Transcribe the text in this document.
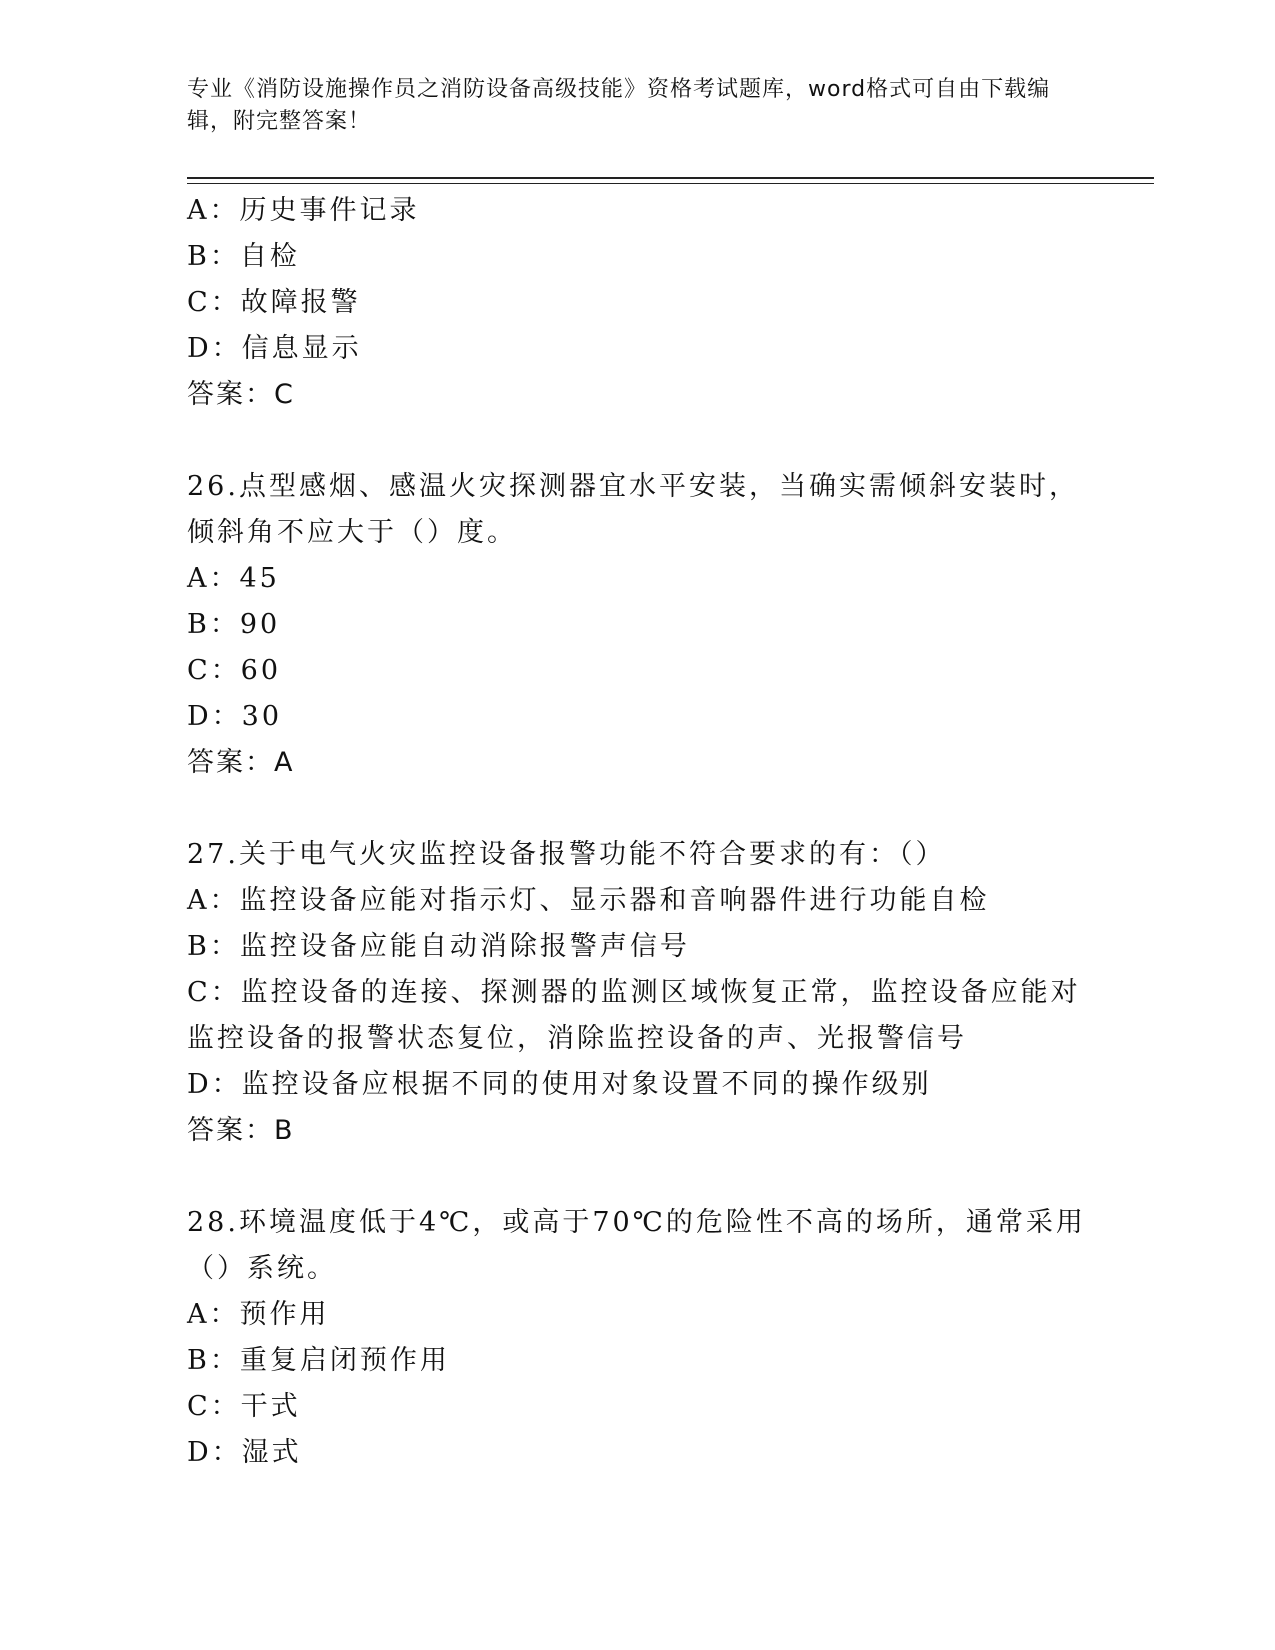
专业《消防设施操作员之消防设备高级技能》资格考试题库，word格式可自由下载编辑，附完整答案！
A：历史事件记录
B：自检
C：故障报警
D：信息显示
答案：C
26.点型感烟、感温火灾探测器宜水平安装，当确实需倾斜安装时，倾斜角不应大于（）度。
A：45
B：90
C：60
D：30
答案：A
27.关于电气火灾监控设备报警功能不符合要求的有：（）
A：监控设备应能对指示灯、显示器和音响器件进行功能自检
B：监控设备应能自动消除报警声信号
C：监控设备的连接、探测器的监测区域恢复正常，监控设备应能对监控设备的报警状态复位，消除监控设备的声、光报警信号
D：监控设备应根据不同的使用对象设置不同的操作级别
答案：B
28.环境温度低于4℃，或高于70℃的危险性不高的场所，通常采用（）系统。
A：预作用
B：重复启闭预作用
C：干式
D：湿式
